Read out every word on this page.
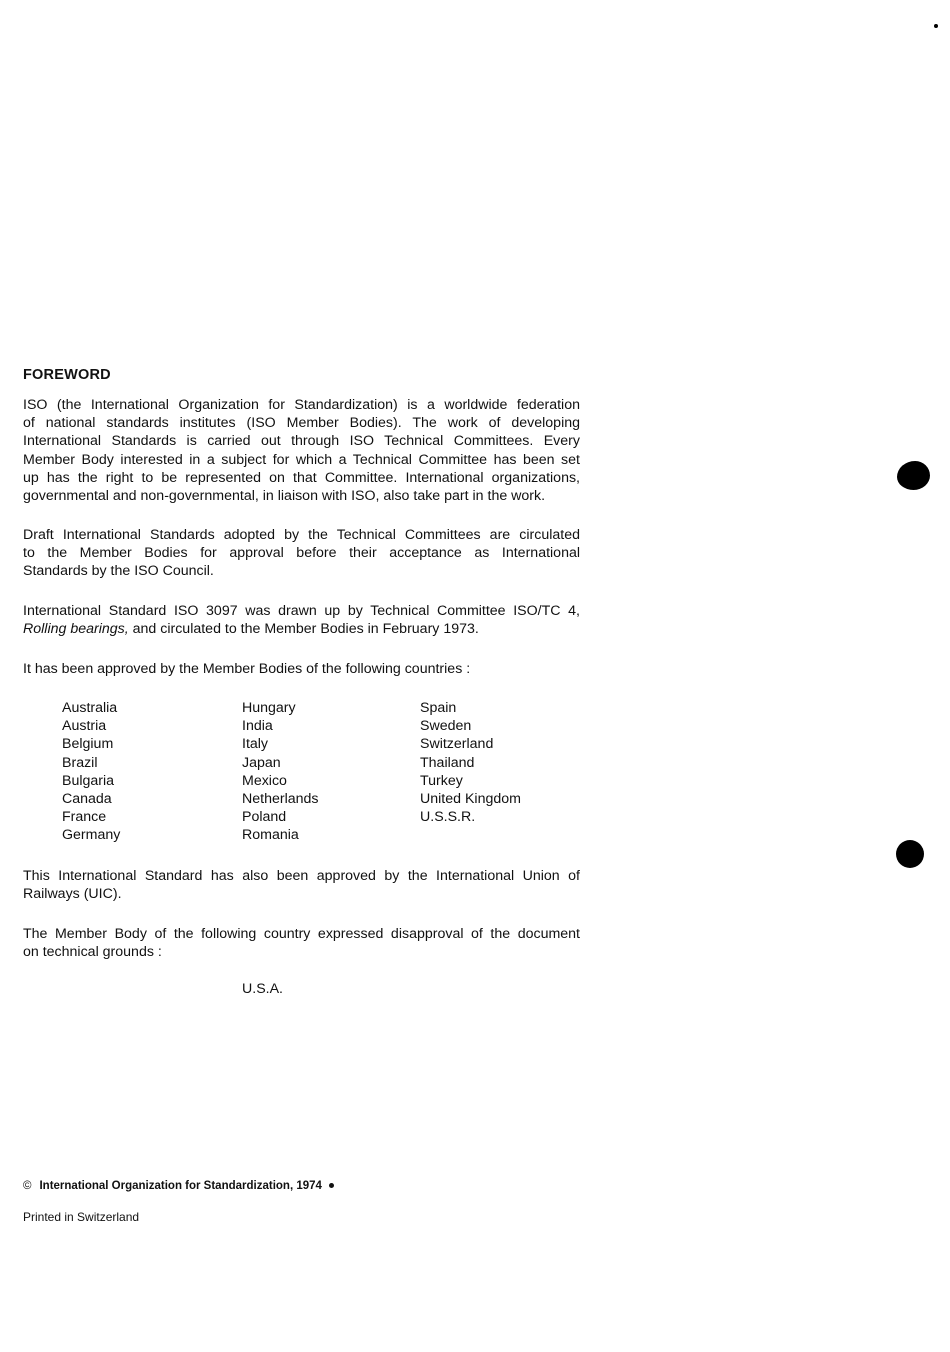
FOREWORD
ISO (the International Organization for Standardization) is a worldwide federation
of national standards institutes (ISO Member Bodies). The work of developing
International Standards is carried out through ISO Technical Committees. Every
Member Body interested in a subject for which a Technical Committee has been set
up has the right to be represented on that Committee. International organizations,
governmental and non-governmental, in liaison with ISO, also take part in the work.
Draft International Standards adopted by the Technical Committees are circulated
to the Member Bodies for approval before their acceptance as International
Standards by the ISO Council.
International Standard ISO 3097 was drawn up by Technical Committee ISO/TC 4,
Rolling bearings, and circulated to the Member Bodies in February 1973.
It has been approved by the Member Bodies of the following countries :
Australia
Austria
Belgium
Brazil
Bulgaria
Canada
France
Germany
Hungary
India
Italy
Japan
Mexico
Netherlands
Poland
Romania
Spain
Sweden
Switzerland
Thailand
Turkey
United Kingdom
U.S.S.R.
This International Standard has also been approved by the International Union of
Railways (UIC).
The Member Body of the following country expressed disapproval of the document
on technical grounds :
U.S.A.
© International Organization for Standardization, 1974
Printed in Switzerland
